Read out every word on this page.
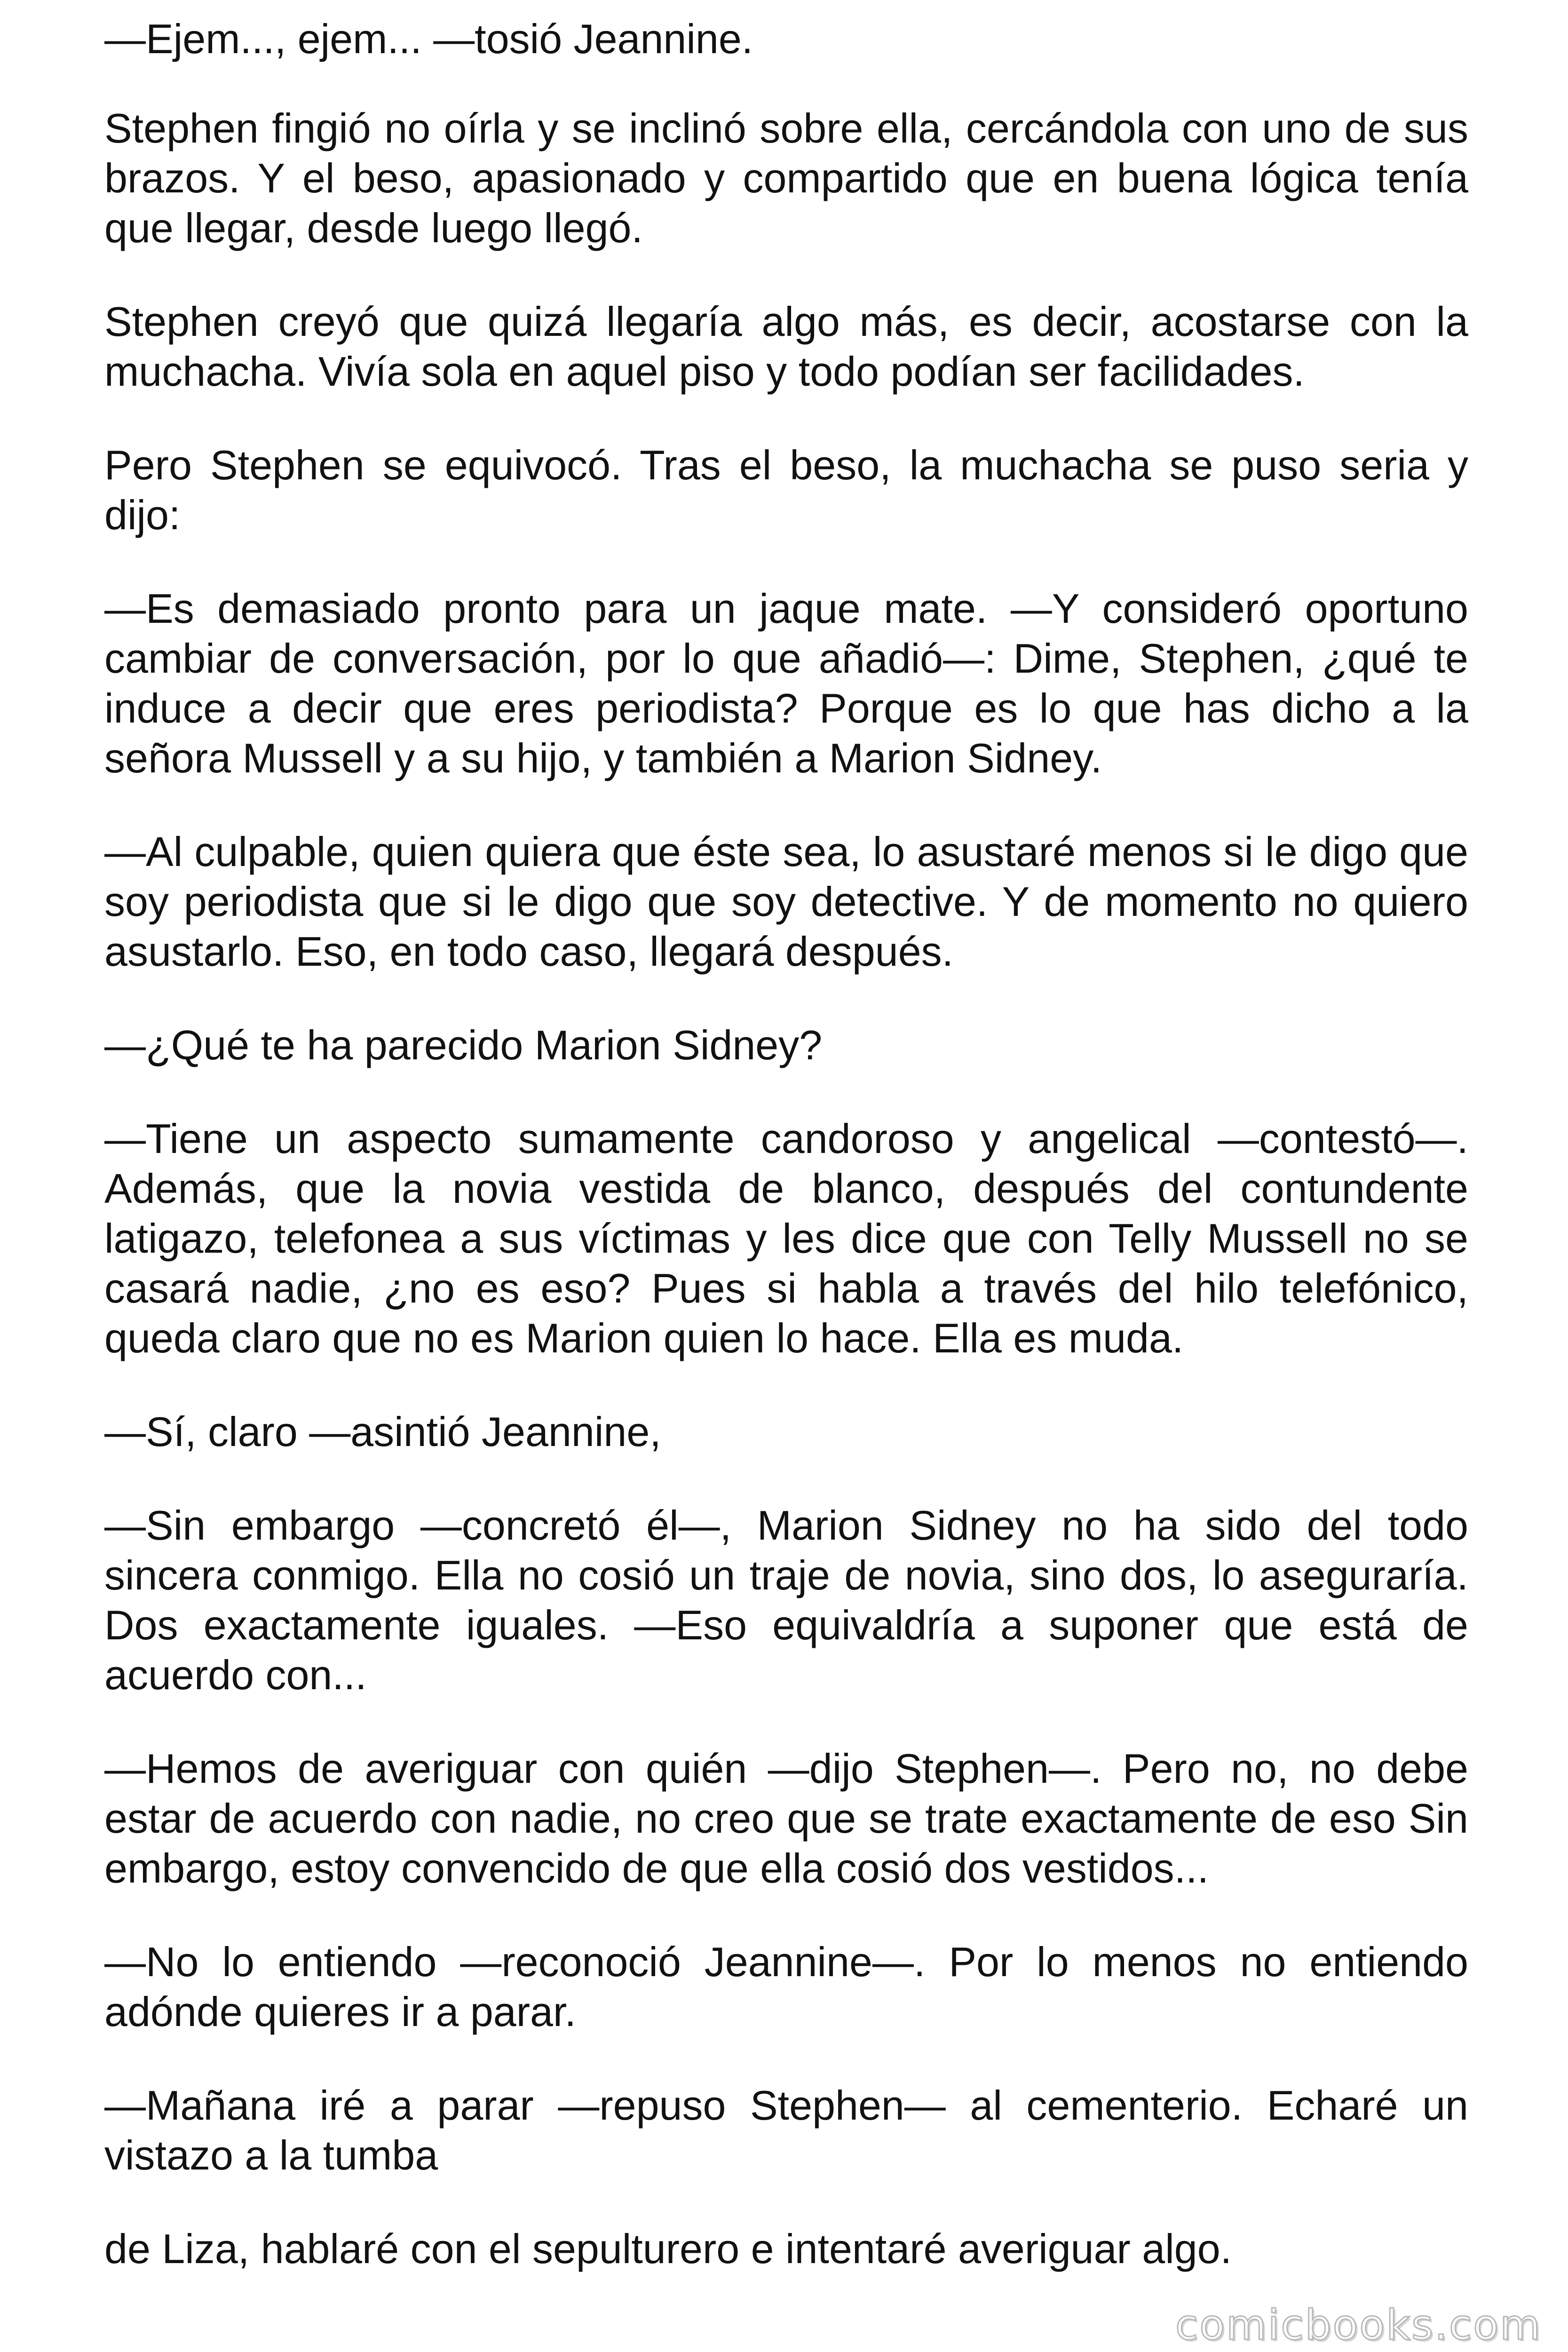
—Ejem..., ejem... —tosió Jeannine.

Stephen fingió no oírla y se inclinó sobre ella, cercándola con uno de sus brazos. Y el beso, apasionado y compartido que en buena lógica tenía que llegar, desde luego llegó.

Stephen creyó que quizá llegaría algo más, es decir, acostarse con la muchacha. Vivía sola en aquel piso y todo podían ser facilidades.

Pero Stephen se equivocó. Tras el beso, la muchacha se puso seria y dijo:

—Es demasiado pronto para un jaque mate. —Y consideró oportuno cambiar de conversación, por lo que añadió—: Dime, Stephen, ¿qué te induce a decir que eres periodista? Porque es lo que has dicho a la señora Mussell y a su hijo, y también a Marion Sidney.

—Al culpable, quien quiera que éste sea, lo asustaré menos si le digo que soy periodista que si le digo que soy detective. Y de momento no quiero asustarlo. Eso, en todo caso, llegará después.

—¿Qué te ha parecido Marion Sidney?

—Tiene un aspecto sumamente candoroso y angelical —contestó—. Además, que la novia vestida de blanco, después del contundente latigazo, telefonea a sus víctimas y les dice que con Telly Mussell no se casará nadie, ¿no es eso? Pues si habla a través del hilo telefónico, queda claro que no es Marion quien lo hace. Ella es muda.

—Sí, claro —asintió Jeannine,

—Sin embargo —concretó él—, Marion Sidney no ha sido del todo sincera conmigo. Ella no cosió un traje de novia, sino dos, lo aseguraría. Dos exactamente iguales. —Eso equivaldría a suponer que está de acuerdo con...

—Hemos de averiguar con quién —dijo Stephen—. Pero no, no debe estar de acuerdo con nadie, no creo que se trate exactamente de eso Sin embargo, estoy convencido de que ella cosió dos vestidos...

—No lo entiendo —reconoció Jeannine—. Por lo menos no entiendo adónde quieres ir a parar.

—Mañana iré a parar —repuso Stephen— al cementerio. Echaré un vistazo a la tumba

de Liza, hablaré con el sepulturero e intentaré averiguar algo.

comicbooks.com
